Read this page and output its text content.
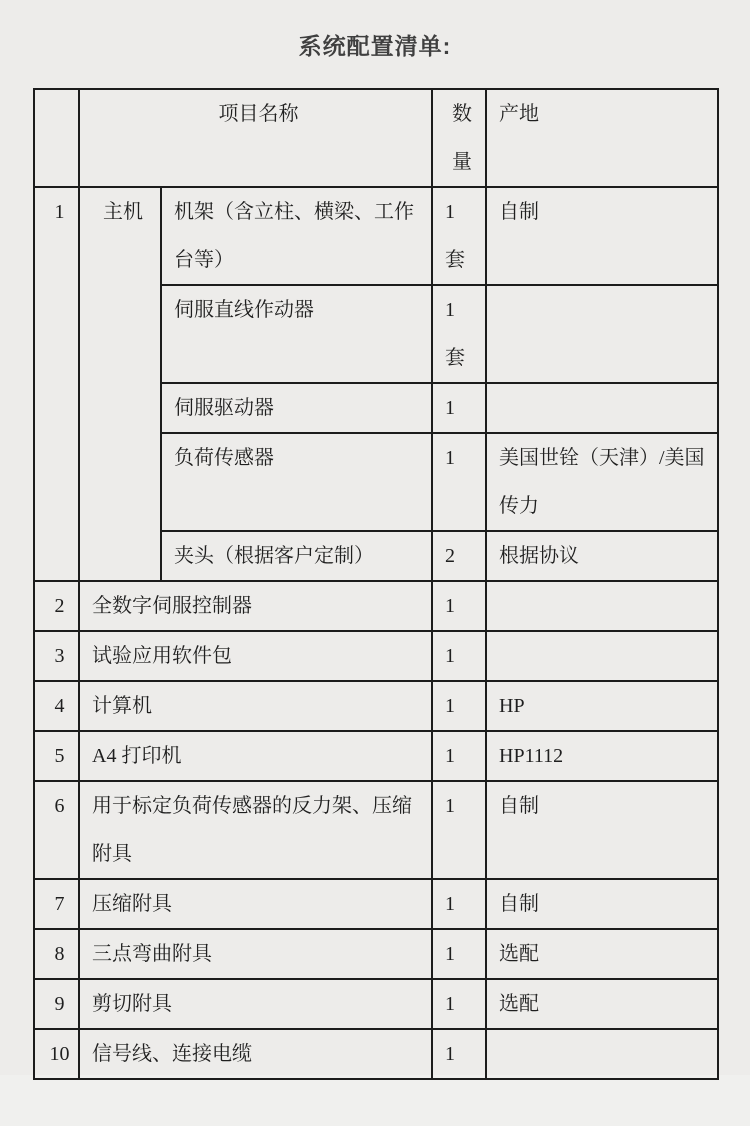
系统配置清单:
	项目名称		数量	产地
1	主机	机架（含立柱、横梁、工作台等）	1 套	自制
		伺服直线作动器	1 套	
		伺服驱动器	1	
		负荷传感器	1	美国世铨（天津）/美国传力
		夹头（根据客户定制）	2	根据协议
2	全数字伺服控制器		1	
3	试验应用软件包		1	
4	计算机		1	HP
5	A4 打印机		1	HP1112
6	用于标定负荷传感器的反力架、压缩附具		1	自制
7	压缩附具		1	自制
8	三点弯曲附具		1	选配
9	剪切附具		1	选配
10	信号线、连接电缆		1	
